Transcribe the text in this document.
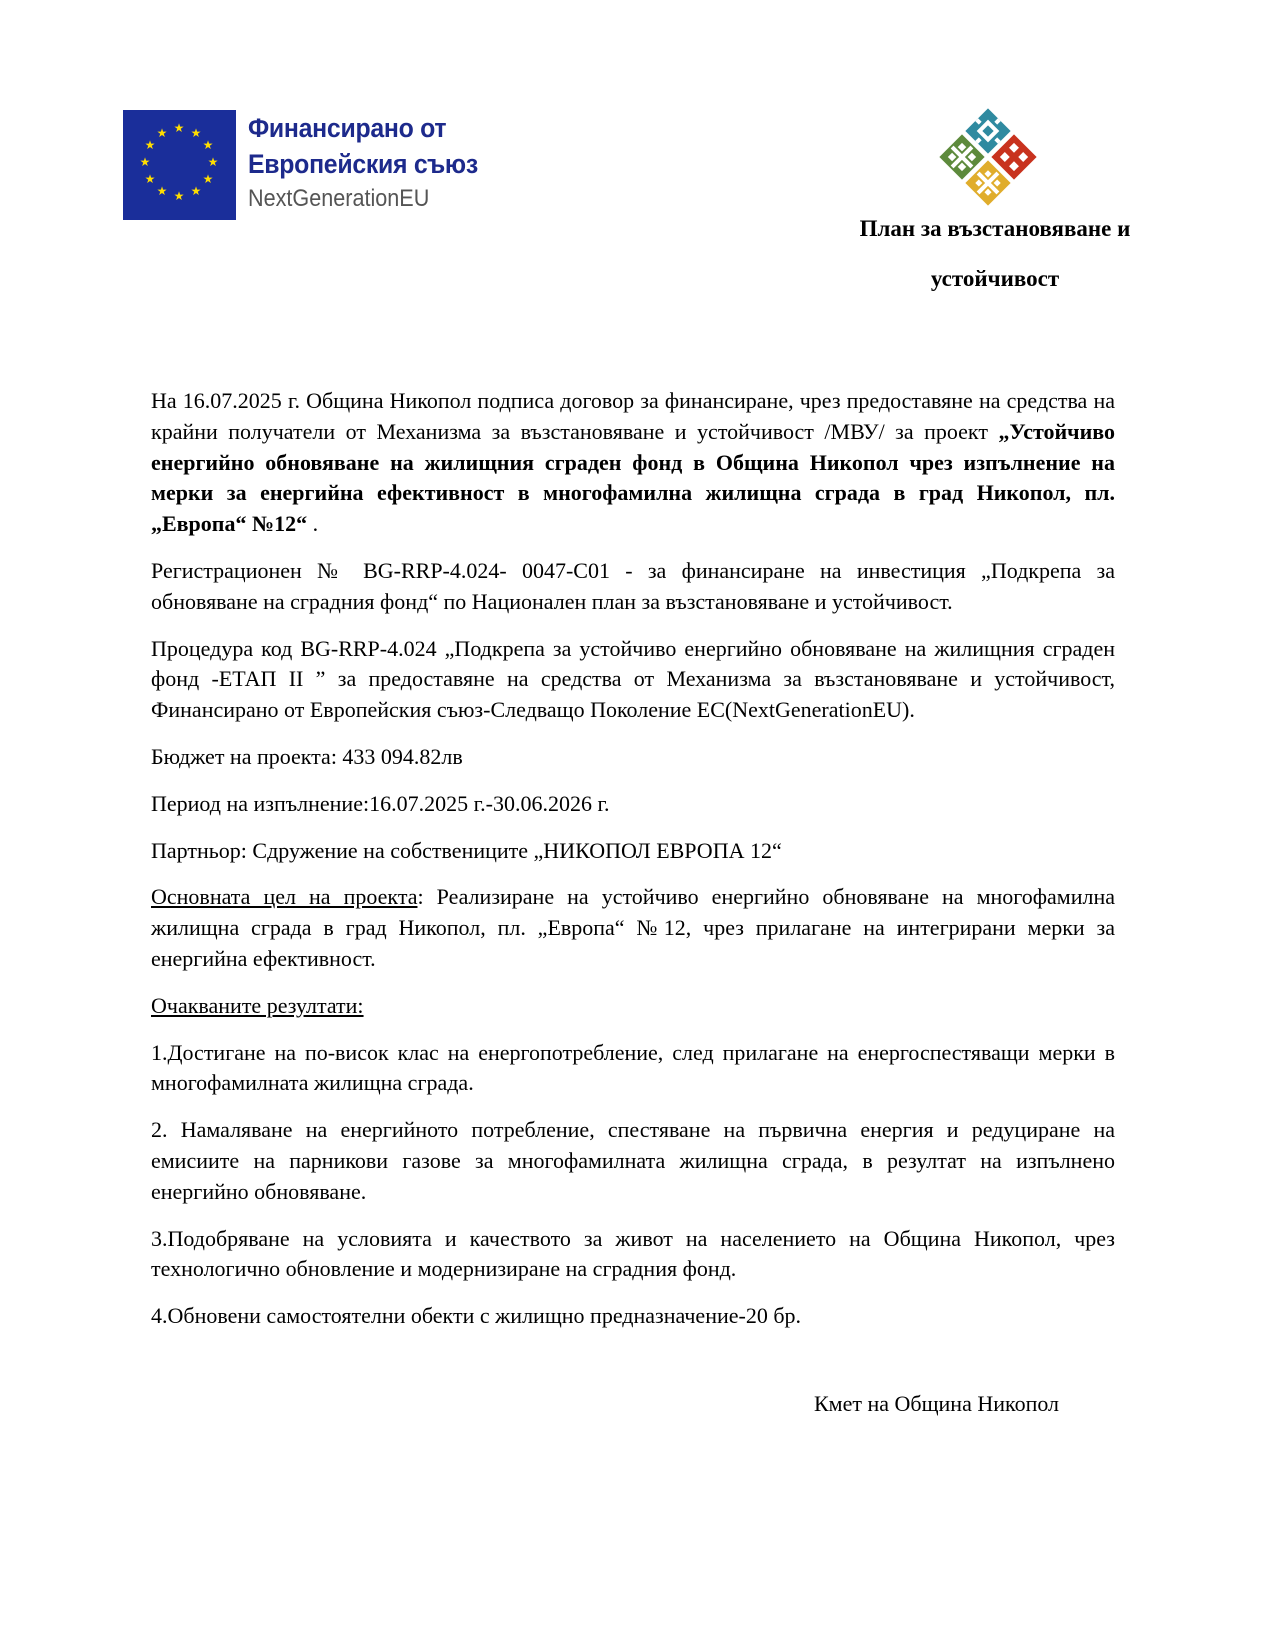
★ ★
★
★
★
★
★
★
★
★
★
★	Финансирано от
Европейския съюз
NextGenerationEU
План за възстановяване и
устойчивост

На 16.07.2025 г. Община Никопол подписа договор за финансиране, чрез предоставяне на средства на крайни получатели от Механизма за възстановяване и устойчивост /МВУ/ за проект „Устойчиво енергийно обновяване на жилищния сграден фонд в Община Никопол чрез изпълнение на мерки за енергийна ефективност в многофамилна жилищна сграда в град Никопол, пл. „Европа“ №12“ .

Регистрационен № BG-RRP-4.024- 0047-C01 - за финансиране на инвестиция „Подкрепа за обновяване на сградния фонд“ по Национален план за възстановяване и устойчивост.

Процедура код BG-RRP-4.024 „Подкрепа за устойчиво енергийно обновяване на жилищния сграден фонд -ЕТАП II ” за предоставяне на средства от Механизма за възстановяване и устойчивост, Финансирано от Европейския съюз-Следващо Поколение ЕС(NextGenerationEU).

Бюджет на проекта: 433 094.82лв

Период на изпълнение:16.07.2025 г.-30.06.2026 г.

Партньор: Сдружение на собствениците „НИКОПОЛ ЕВРОПА 12“

Основната цел на проекта: Реализиране на устойчиво енергийно обновяване на многофамилна жилищна сграда в град Никопол, пл. „Европа“ №12, чрез прилагане на интегрирани мерки за енергийна ефективност.

Очакваните резултати:

1.Достигане на по-висок клас на енергопотребление, след прилагане на енергоспестяващи мерки в многофамилната жилищна сграда.

2. Намаляване на енергийното потребление, спестяване на първична енергия и редуциране на емисиите на парникови газове за многофамилната жилищна сграда, в резултат на изпълнено енергийно обновяване.

3.Подобряване на условията и качеството за живот на населението на Община Никопол, чрез технологично обновление и модернизиране на сградния фонд.

4.Обновени самостоятелни обекти с жилищно предназначение-20 бр.

Кмет на Община Никопол
